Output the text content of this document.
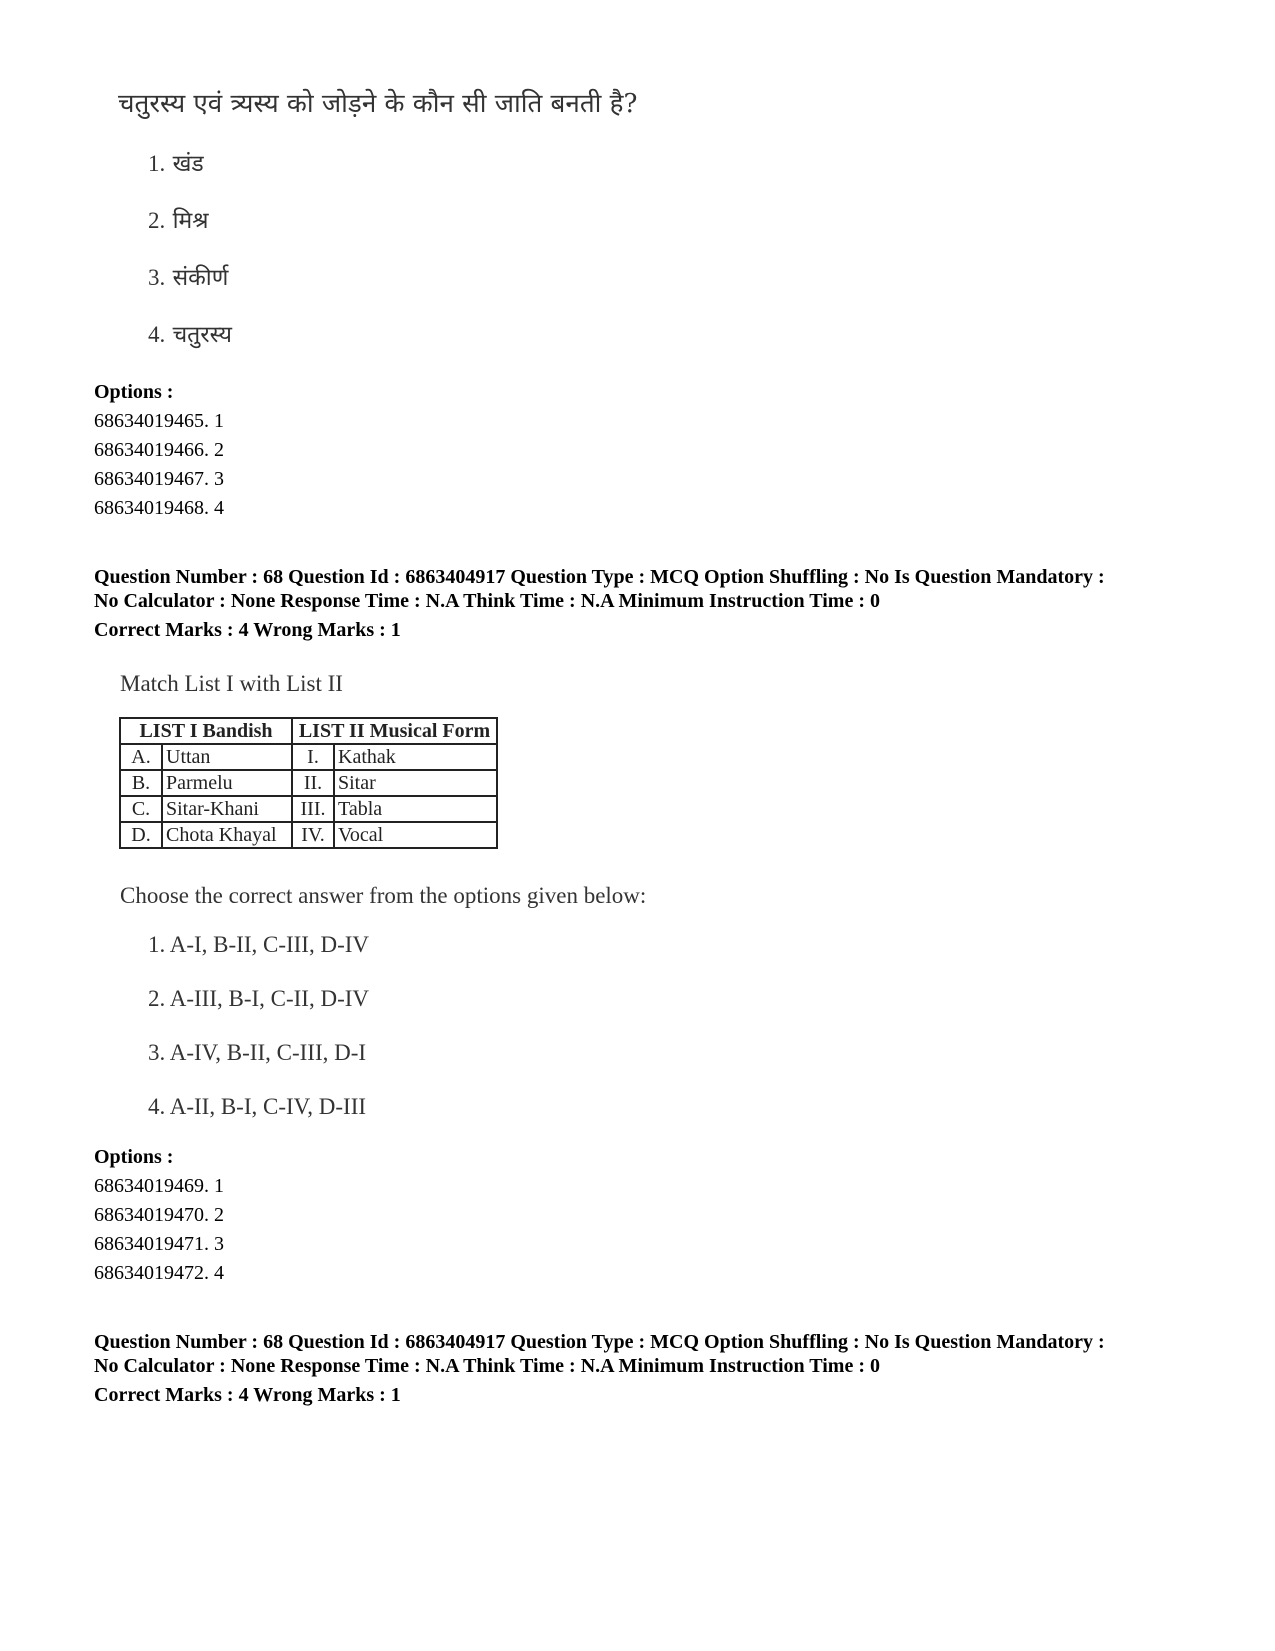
चतुरस्य एवं त्र्यस्य को जोड़ने के कौन सी जाति बनती है?
1. खंड
2. मिश्र
3. संकीर्ण
4. चतुरस्य
Options :
68634019465. 1
68634019466. 2
68634019467. 3
68634019468. 4
Question Number : 68 Question Id : 6863404917 Question Type : MCQ Option Shuffling : No Is Question Mandatory :
No Calculator : None Response Time : N.A Think Time : N.A Minimum Instruction Time : 0
Correct Marks : 4 Wrong Marks : 1
Match List I with List II
LIST I Bandish		LIST II Musical Form	
A.	Uttan	I.	Kathak
B.	Parmelu	II.	Sitar
C.	Sitar-Khani	III.	Tabla
D.	Chota Khayal	IV.	Vocal
Choose the correct answer from the options given below:
1. A-I, B-II, C-III, D-IV
2. A-III, B-I, C-II, D-IV
3. A-IV, B-II, C-III, D-I
4. A-II, B-I, C-IV, D-III
Options :
68634019469. 1
68634019470. 2
68634019471. 3
68634019472. 4
Question Number : 68 Question Id : 6863404917 Question Type : MCQ Option Shuffling : No Is Question Mandatory :
No Calculator : None Response Time : N.A Think Time : N.A Minimum Instruction Time : 0
Correct Marks : 4 Wrong Marks : 1
